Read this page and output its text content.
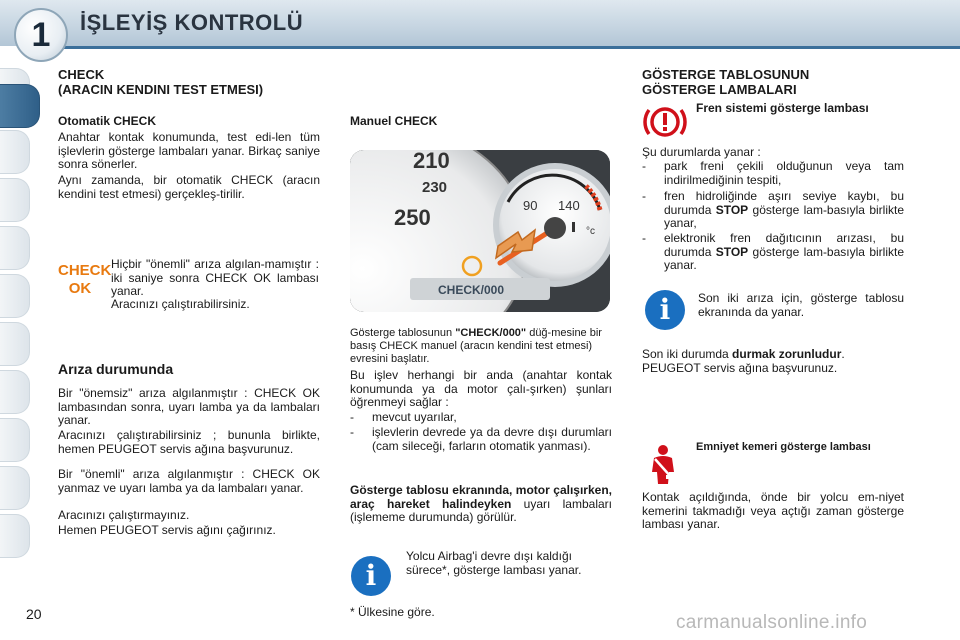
1	İŞLEYİŞ KONTROLÜ
CHECK
(ARACIN KENDINI TEST ETMESI)
Otomatik CHECK
Anahtar kontak konumunda, test edi-len tüm işlevlerin gösterge lambaları yanar. Birkaç saniye sonra sönerler.
Aynı zamanda, bir otomatik CHECK (aracın kendini test etmesi) gerçekleş-tirilir.
CHECK
OK
Hiçbir "önemli" arıza algılan-mamıştır : iki saniye sonra CHECK OK lambası yanar.
Aracınızı çalıştırabilirsiniz.
Arıza durumunda
Bir "önemsiz" arıza algılanmıştır : CHECK OK lambasından sonra, uyarı lamba ya da lambaları yanar.
Aracınızı çalıştırabilirsiniz ; bununla birlikte, hemen PEUGEOT servis ağına başvurunuz.
Bir "önemli" arıza algılanmıştır : CHECK OK yanmaz ve uyarı lamba ya da lambaları yanar.
Aracınızı çalıştırmayınız.
Hemen PEUGEOT servis ağını çağırınız.
Manuel CHECK
210
230
250	90 140
°c
CHECK/000
Gösterge tablosunun "CHECK/000" düğ-mesine bir basış CHECK manuel (aracın kendini test etmesi) evresini başlatır.
Bu işlev herhangi bir anda (anahtar kontak konumunda ya da motor çalı-şırken) şunları öğrenmeyi sağlar :
-	mevcut uyarılar,
-	işlevlerin devrede ya da devre dışı durumları (cam sileceği, farların otomatik yanması).
Gösterge tablosu ekranında, motor çalışırken, araç hareket halindeyken uyarı lambaları (işlememe durumunda) görülür.
i
Yolcu Airbag'i devre dışı kaldığı sürece*, gösterge lambası yanar.
* Ülkesine göre.
GÖSTERGE TABLOSUNUN
GÖSTERGE LAMBALARI
Fren sistemi gösterge lambası
Şu durumlarda yanar :
-	park freni çekili olduğunun veya tam indirilmediğinin tespiti,
-	fren hidroliğinde aşırı seviye kaybı, bu durumda STOP gösterge lam-basıyla birlikte yanar,
-	elektronik fren dağıtıcının arızası, bu durumda STOP gösterge lam-basıyla birlikte yanar.
i	Son iki arıza için, gösterge tablosu ekranında da yanar.
Son iki durumda durmak zorunludur. PEUGEOT servis ağına başvurunuz.
Emniyet kemeri gösterge lambası
Kontak açıldığında, önde bir yolcu em-niyet kemerini takmadığı veya açtığı zaman gösterge lambası yanar.
20	carmanualsonline.info
